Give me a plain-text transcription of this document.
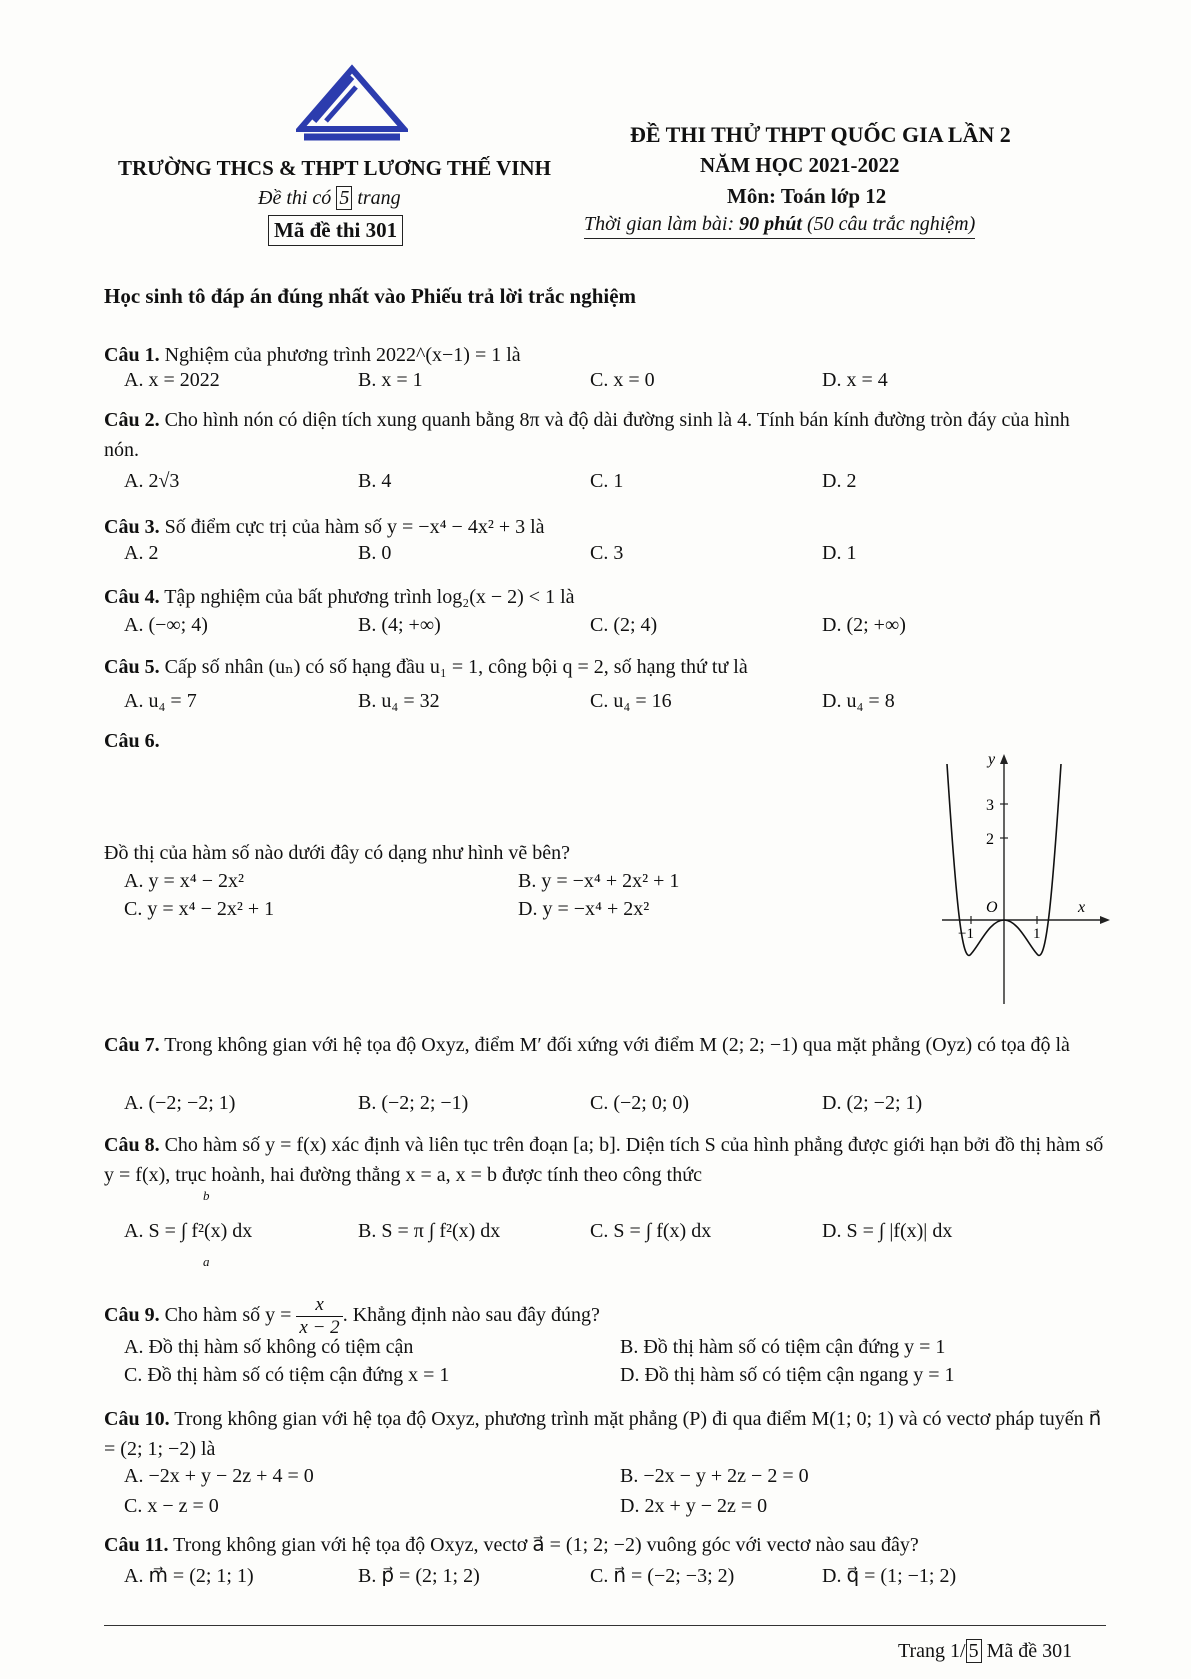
TRƯỜNG THCS & THPT LƯƠNG THẾ VINH
Đề thi có 5 trang
Mã đề thi 301
ĐỀ THI THỬ THPT QUỐC GIA LẦN 2
NĂM HỌC 2021-2022
Môn: Toán lớp 12
Thời gian làm bài: 90 phút (50 câu trắc nghiệm)
Học sinh tô đáp án đúng nhất vào Phiếu trả lời trắc nghiệm
Câu 1. Nghiệm của phương trình 2022^(x−1) = 1 là
A. x = 2022	B. x = 1	C. x = 0	D. x = 4
Câu 2. Cho hình nón có diện tích xung quanh bằng 8π và độ dài đường sinh là 4. Tính bán kính đường tròn đáy của hình nón.
A. 2√3	B. 4	C. 1	D. 2
Câu 3. Số điểm cực trị của hàm số y = −x⁴ − 4x² + 3 là
A. 2	B. 0	C. 3	D. 1
Câu 4. Tập nghiệm của bất phương trình log₂(x − 2) < 1 là
A. (−∞; 4)	B. (4; +∞)	C. (2; 4)	D. (2; +∞)
Câu 5. Cấp số nhân (uₙ) có số hạng đầu u₁ = 1, công bội q = 2, số hạng thứ tư là
A. u₄ = 7	B. u₄ = 32	C. u₄ = 16	D. u₄ = 8
Câu 6.
Đồ thị của hàm số nào dưới đây có dạng như hình vẽ bên?
A. y = x⁴ − 2x²	B. y = −x⁴ + 2x² + 1
C. y = x⁴ − 2x² + 1	D. y = −x⁴ + 2x²
y
3
2
O	x
−1	1
Câu 7. Trong không gian với hệ tọa độ Oxyz, điểm M′ đối xứng với điểm M (2; 2; −1) qua mặt phẳng (Oyz) có tọa độ là
A. (−2; −2; 1)	B. (−2; 2; −1)	C. (−2; 0; 0)	D. (2; −2; 1)
Câu 8. Cho hàm số y = f(x) xác định và liên tục trên đoạn [a; b]. Diện tích S của hình phẳng được giới hạn bởi đồ thị hàm số y = f(x), trục hoành, hai đường thẳng x = a, x = b được tính theo công thức
A. S = ∫ f²(x) dx	B. S = π ∫ f²(x) dx	C. S = ∫ f(x) dx	D. S = ∫ |f(x)| dx
b
a
Câu 9. Cho hàm số $y = \frac{x}{x - 2}$ . Khẳng định nào sau đây đúng?
A. Đồ thị hàm số không có tiệm cận	B. Đồ thị hàm số có tiệm cận đứng y = 1
C. Đồ thị hàm số có tiệm cận đứng x = 1	D. Đồ thị hàm số có tiệm cận ngang y = 1
Câu 10. Trong không gian với hệ tọa độ Oxyz, phương trình mặt phẳng (P) đi qua điểm M(1; 0; 1) và có vectơ pháp tuyến n⃗ = (2; 1; −2) là
A. −2x + y − 2z + 4 = 0	B. −2x − y + 2z − 2 = 0
C. x − z = 0	D. 2x + y − 2z = 0
Câu 11. Trong không gian với hệ tọa độ Oxyz, vectơ a⃗ = (1; 2; −2) vuông góc với vectơ nào sau đây?
A. m⃗ = (2; 1; 1)	B. p⃗ = (2; 1; 2)	C. n⃗ = (−2; −3; 2)	D. q⃗ = (1; −1; 2)
Trang 1/ 5 Mã đề 301
